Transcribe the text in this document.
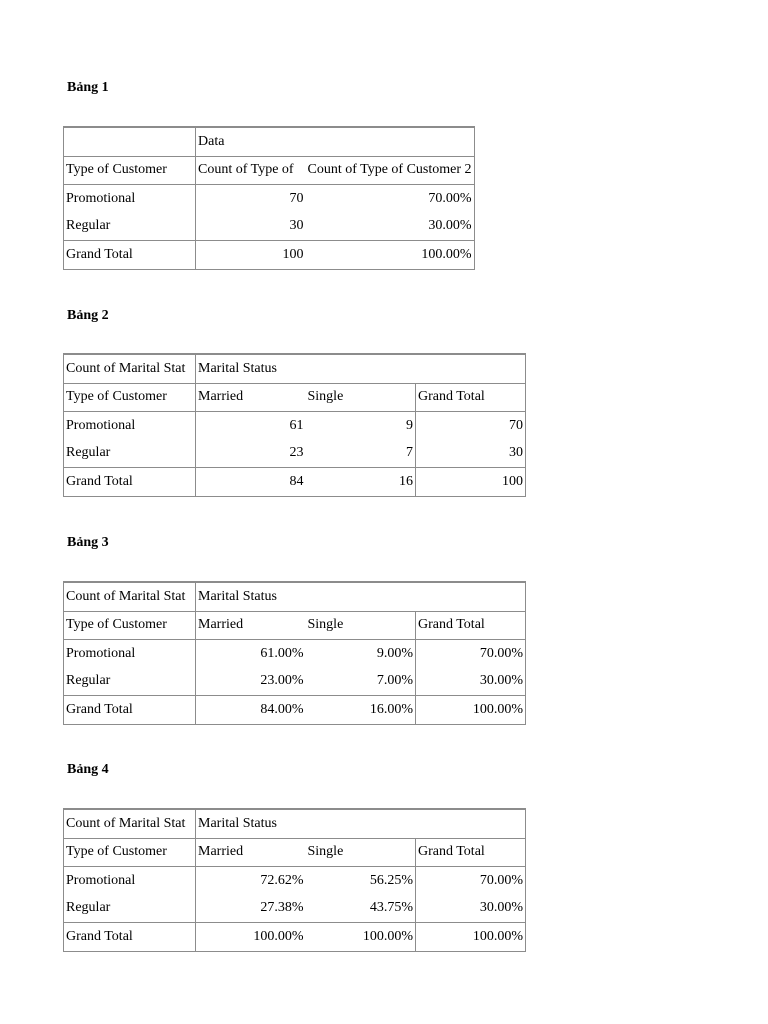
Bảng 1
	Data	
Type of Customer	Count of Type of	Count of Type of Customer 2
Promotional	70	70.00%
Regular	30	30.00%
Grand Total	100	100.00%
Bảng 2
Count of Marital Stat	Marital Status		
Type of Customer	Married	Single	Grand Total
Promotional	61	9	70
Regular	23	7	30
Grand Total	84	16	100
Bảng 3
Count of Marital Stat	Marital Status		
Type of Customer	Married	Single	Grand Total
Promotional	61.00%	9.00%	70.00%
Regular	23.00%	7.00%	30.00%
Grand Total	84.00%	16.00%	100.00%
Bảng 4
Count of Marital Stat	Marital Status		
Type of Customer	Married	Single	Grand Total
Promotional	72.62%	56.25%	70.00%
Regular	27.38%	43.75%	30.00%
Grand Total	100.00%	100.00%	100.00%
